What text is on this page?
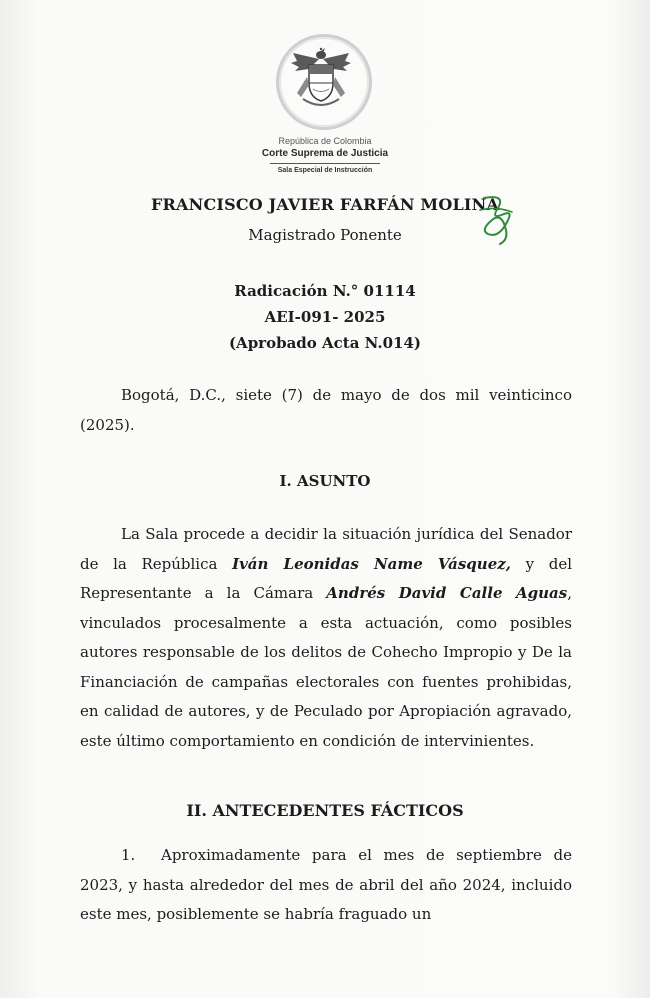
República de Colombia
Corte Suprema de Justicia
Sala Especial de Instrucción
FRANCISCO JAVIER FARFÁN MOLINA
Magistrado Ponente
Radicación N.° 01114
AEI-091- 2025
(Aprobado Acta N.014)

Bogotá, D.C., siete (7) de mayo de dos mil veinticinco (2025).

I. ASUNTO

La Sala procede a decidir la situación jurídica del Senador de la República Iván Leonidas Name Vásquez, y del Representante a la Cámara Andrés David Calle Aguas, vinculados procesalmente a esta actuación, como posibles autores responsable de los delitos de Cohecho Impropio y De la Financiación de campañas electorales con fuentes prohibidas, en calidad de autores, y de Peculado por Apropiación agravado, este último comportamiento en condición de intervinientes.

II. ANTECEDENTES FÁCTICOS

1. Aproximadamente para el mes de septiembre de 2023, y hasta alrededor del mes de abril del año 2024, incluido este mes, posiblemente se habría fraguado un
